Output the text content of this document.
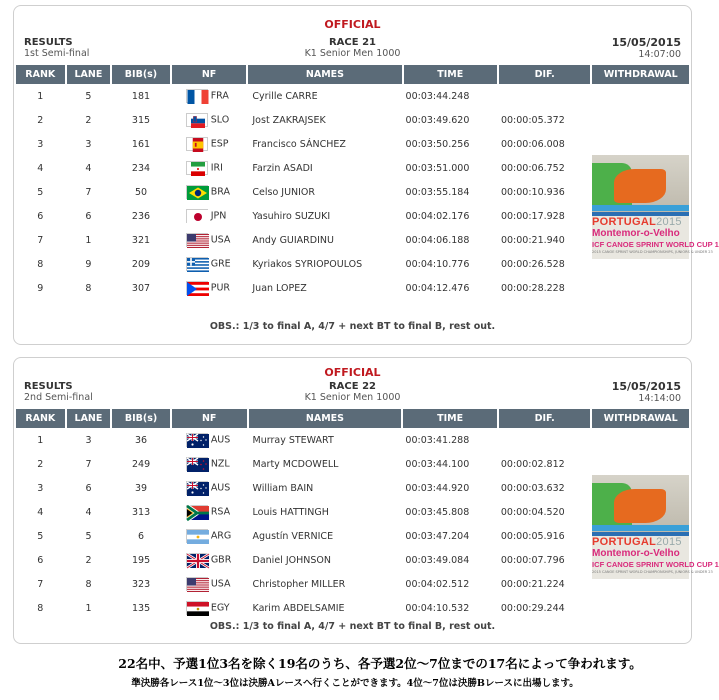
OFFICIAL
RESULTS
1st Semi-final
RACE 21
K1 Senior Men 1000
15/05/2015
14:07:00
RANK	LANE	BIB(s)	NF	NAMES	TIME	DIF.	WITHDRAWAL
1	5	181	FRA	Cyrille CARRE	00:03:44.248		
2	2	315	SLO	Jost ZAKRAJSEK	00:03:49.620	00:00:05.372	
3	3	161	ESP	Francisco SÁNCHEZ	00:03:50.256	00:00:06.008	
4	4	234	IRI	Farzin ASADI	00:03:51.000	00:00:06.752	
5	7	50	BRA	Celso JUNIOR	00:03:55.184	00:00:10.936	
6	6	236	JPN	Yasuhiro SUZUKI	00:04:02.176	00:00:17.928	
7	1	321	USA	Andy GUIARDINU	00:04:06.188	00:00:21.940	
8	9	209	GRE	Kyriakos SYRIOPOULOS	00:04:10.776	00:00:26.528	
9	8	307	PUR	Juan LOPEZ	00:04:12.476	00:00:28.228	
PORTUGAL2015
Montemor-o-Velho
ICF CANOE SPRINT WORLD CUP 1
2015 CANOE SPRINT WORLD CHAMPIONSHIPS, JUNIORS & UNDER 23
OBS.: 1/3 to final A, 4/7 + next BT to final B, rest out.
OFFICIAL
RESULTS
2nd Semi-final
RACE 22
K1 Senior Men 1000
15/05/2015
14:14:00
RANK	LANE	BIB(s)	NF	NAMES	TIME	DIF.	WITHDRAWAL
1	3	36	AUS	Murray STEWART	00:03:41.288		
2	7	249	NZL	Marty MCDOWELL	00:03:44.100	00:00:02.812	
3	6	39	AUS	William BAIN	00:03:44.920	00:00:03.632	
4	4	313	RSA	Louis HATTINGH	00:03:45.808	00:00:04.520	
5	5	6	ARG	Agustín VERNICE	00:03:47.204	00:00:05.916	
6	2	195	GBR	Daniel JOHNSON	00:03:49.084	00:00:07.796	
7	8	323	USA	Christopher MILLER	00:04:02.512	00:00:21.224	
8	1	135	EGY	Karim ABDELSAMIE	00:04:10.532	00:00:29.244	
PORTUGAL2015
Montemor-o-Velho
ICF CANOE SPRINT WORLD CUP 1
2015 CANOE SPRINT WORLD CHAMPIONSHIPS, JUNIORS & UNDER 23
OBS.: 1/3 to final A, 4/7 + next BT to final B, rest out.
22名中、予選1位3名を除く19名のうち、各予選2位～7位までの17名によって争われます。
準決勝各レース1位～3位は決勝Aレースへ行くことができます。4位～7位は決勝Bレースに出場します。
